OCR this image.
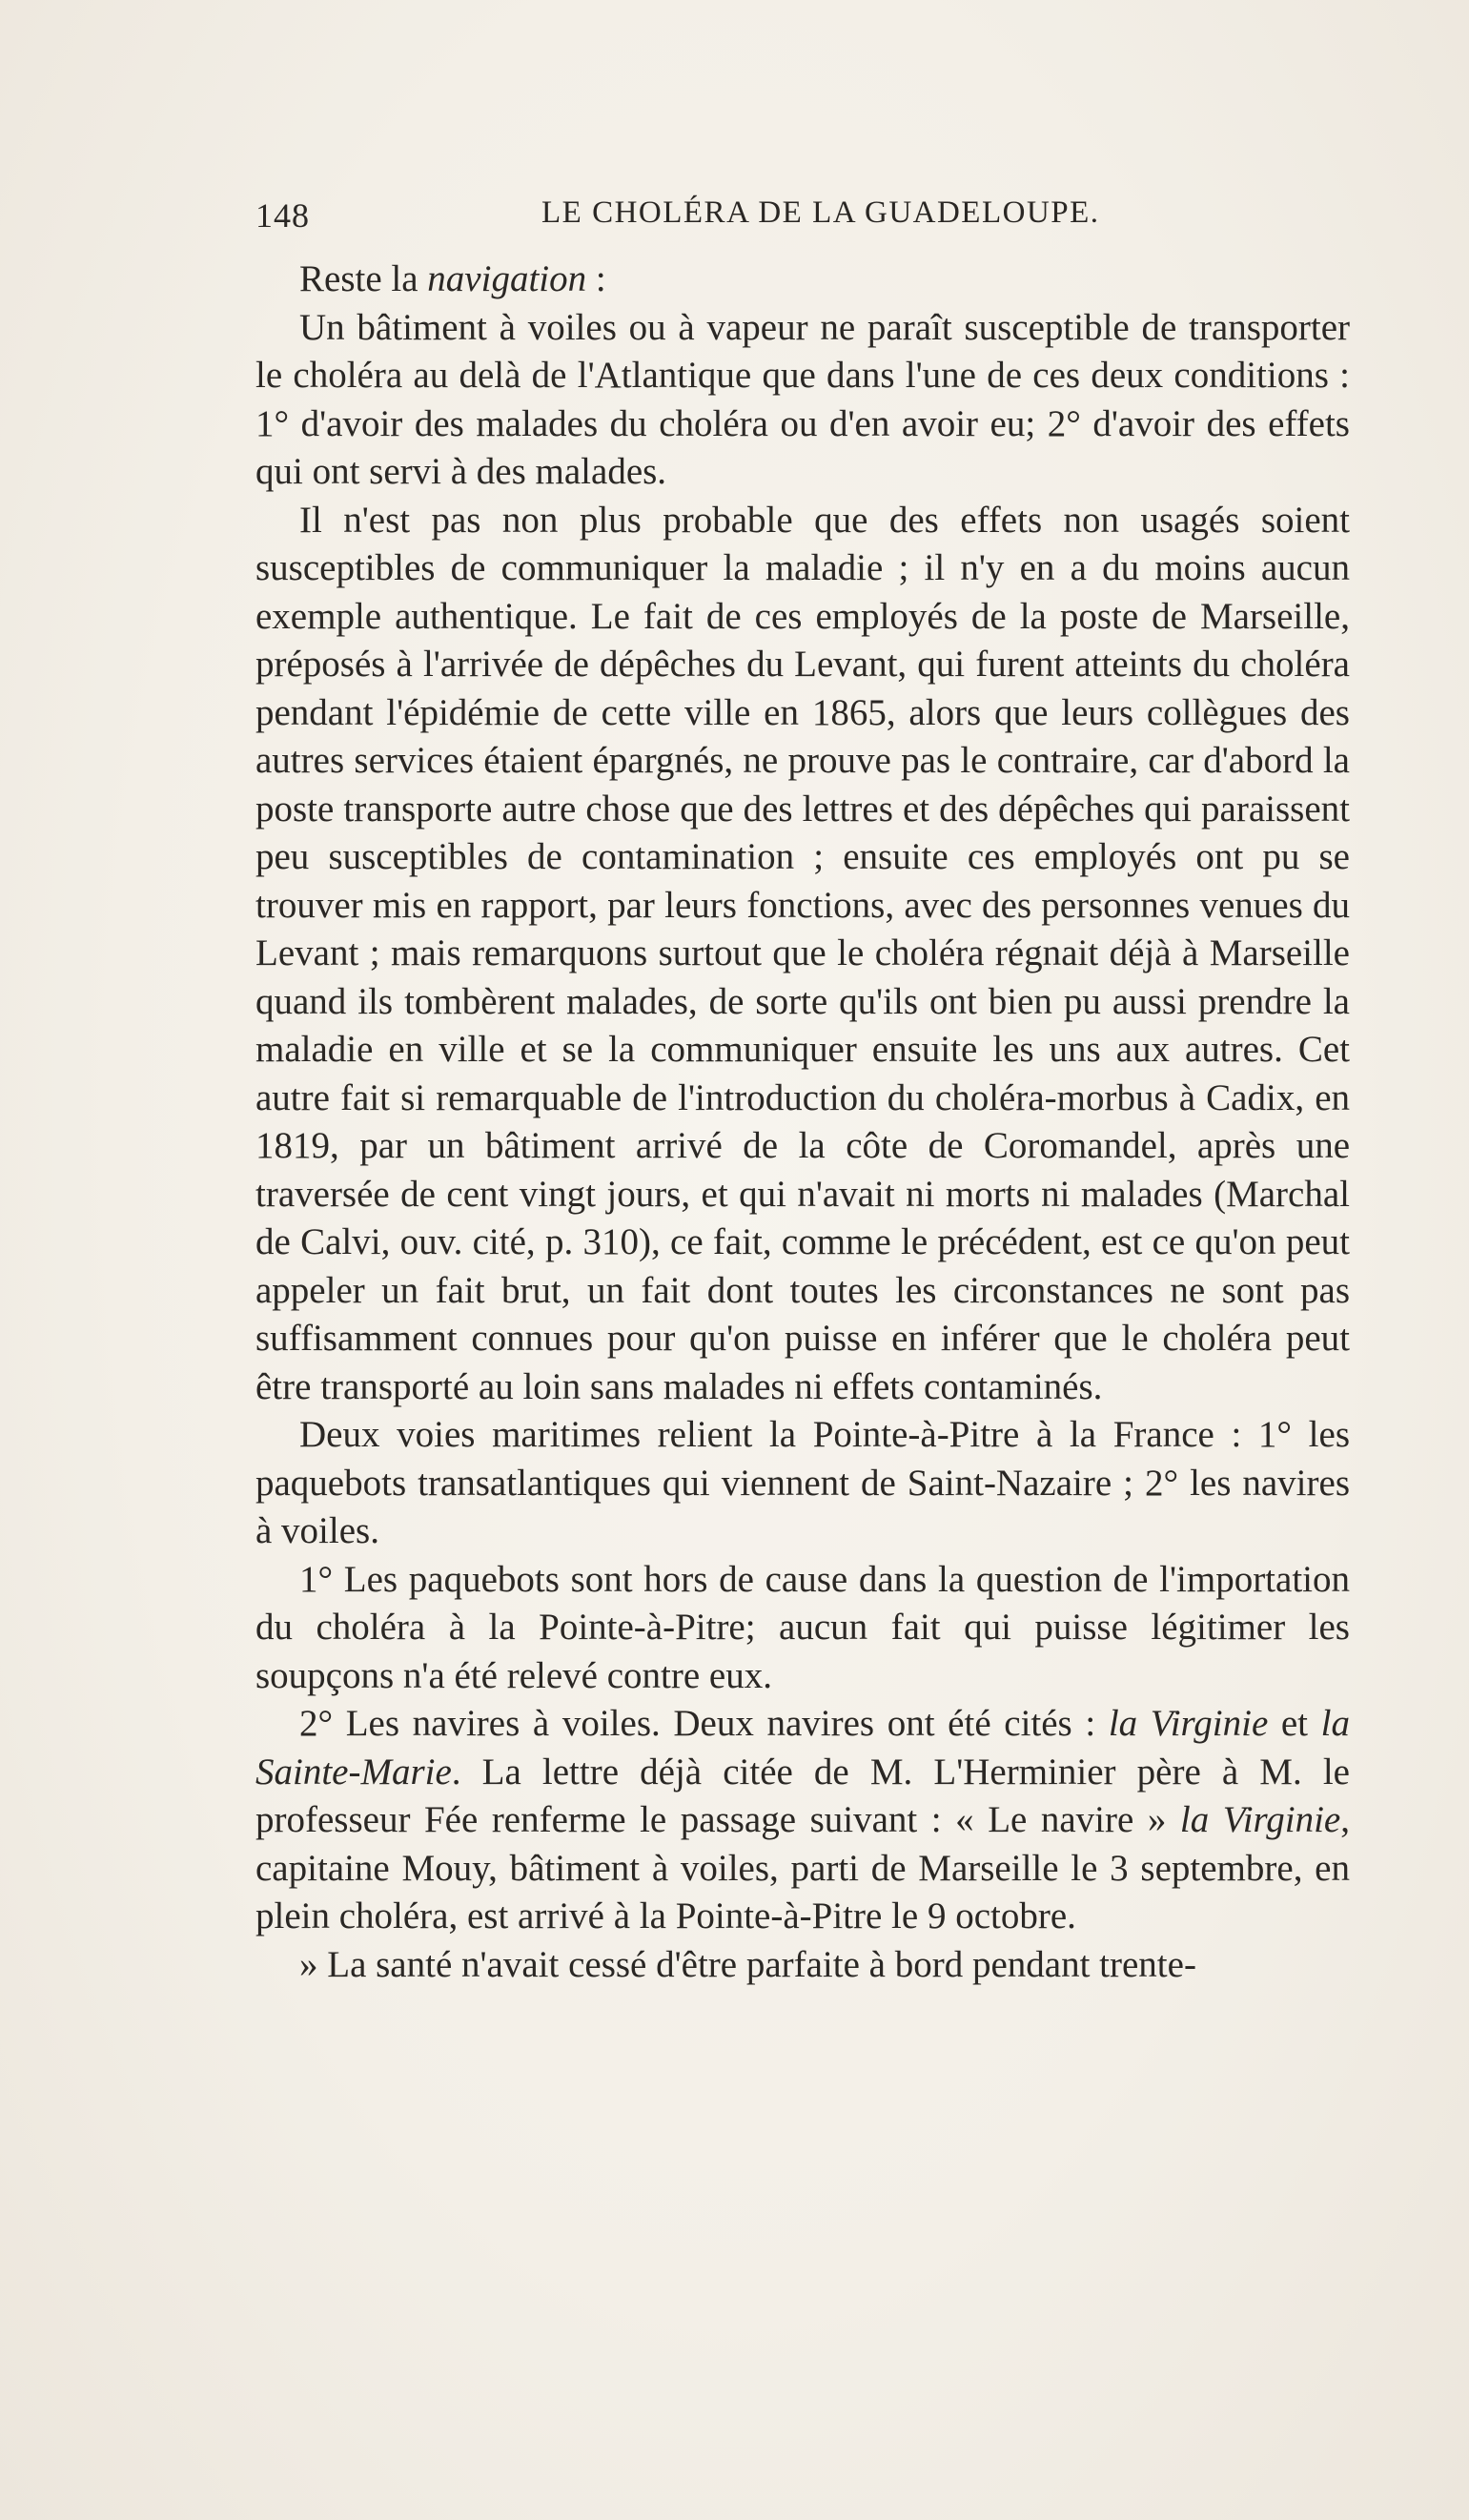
148	LE CHOLÉRA DE LA GUADELOUPE.

Reste la navigation :

Un bâtiment à voiles ou à vapeur ne paraît susceptible de transporter le choléra au delà de l'Atlantique que dans l'une de ces deux conditions : 1° d'avoir des malades du choléra ou d'en avoir eu; 2° d'avoir des effets qui ont servi à des malades.

Il n'est pas non plus probable que des effets non usagés soient susceptibles de communiquer la maladie ; il n'y en a du moins aucun exemple authentique. Le fait de ces employés de la poste de Marseille, préposés à l'arrivée de dépêches du Levant, qui furent atteints du choléra pendant l'épidémie de cette ville en 1865, alors que leurs collègues des autres services étaient épargnés, ne prouve pas le contraire, car d'abord la poste transporte autre chose que des lettres et des dépêches qui paraissent peu susceptibles de contamination ; ensuite ces employés ont pu se trouver mis en rapport, par leurs fonctions, avec des personnes venues du Levant ; mais remarquons surtout que le choléra régnait déjà à Marseille quand ils tombèrent malades, de sorte qu'ils ont bien pu aussi prendre la maladie en ville et se la communiquer ensuite les uns aux autres. Cet autre fait si remarquable de l'introduction du choléra-morbus à Cadix, en 1819, par un bâtiment arrivé de la côte de Coromandel, après une traversée de cent vingt jours, et qui n'avait ni morts ni malades (Marchal de Calvi, ouv. cité, p. 310), ce fait, comme le précédent, est ce qu'on peut appeler un fait brut, un fait dont toutes les circonstances ne sont pas suffisamment connues pour qu'on puisse en inférer que le choléra peut être transporté au loin sans malades ni effets contaminés.

Deux voies maritimes relient la Pointe-à-Pitre à la France : 1° les paquebots transatlantiques qui viennent de Saint-Nazaire ; 2° les navires à voiles.

1° Les paquebots sont hors de cause dans la question de l'importation du choléra à la Pointe-à-Pitre; aucun fait qui puisse légitimer les soupçons n'a été relevé contre eux.

2° Les navires à voiles. Deux navires ont été cités : la Virginie et la Sainte-Marie. La lettre déjà citée de M. L'Herminier père à M. le professeur Fée renferme le passage suivant : « Le navire » la Virginie, capitaine Mouy, bâtiment à voiles, parti de Marseille le 3 septembre, en plein choléra, est arrivé à la Pointe-à-Pitre le 9 octobre.

» La santé n'avait cessé d'être parfaite à bord pendant trente-
